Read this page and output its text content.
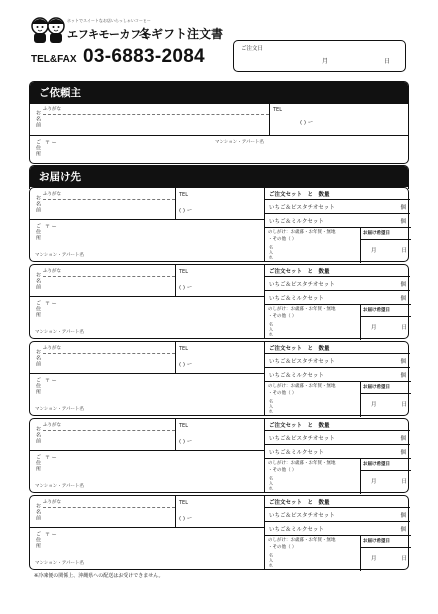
ホットでスイートなお店いらっしゃいコーヒー
エフキモーカフェ
冬ギフト注文書
TEL&FAX 03-6883-2084	ご注文日
月	日
ご依頼主
ふりがな
お名前	TEL
( ) ー
ご住所 〒 ー	マンション・アパート名
お届け先
ふりがな
お名前	TEL
( ) ー
ご住所 〒 ー
マンション・アパート名
ご注文セット　と　数量
いちご＆ピスタチオセット	個
いちご＆ミルクセット	個
のしがけ：お歳暮・お年賀・無地
・その他（ ）
名入れ
お届け希望日
月	日
ふりがな
お名前	TEL
( ) ー
ご住所 〒 ー
マンション・アパート名
ご注文セット　と　数量
いちご＆ピスタチオセット	個
いちご＆ミルクセット	個
のしがけ：お歳暮・お年賀・無地
・その他（ ）
名入れ
お届け希望日
月	日
ふりがな
お名前	TEL
( ) ー
ご住所 〒 ー
マンション・アパート名
ご注文セット　と　数量
いちご＆ピスタチオセット	個
いちご＆ミルクセット	個
のしがけ：お歳暮・お年賀・無地
・その他（ ）
名入れ
お届け希望日
月	日
ふりがな
お名前	TEL
( ) ー
ご住所 〒 ー
マンション・アパート名
ご注文セット　と　数量
いちご＆ピスタチオセット	個
いちご＆ミルクセット	個
のしがけ：お歳暮・お年賀・無地
・その他（ ）
名入れ
お届け希望日
月	日
ふりがな
お名前	TEL
( ) ー
ご住所 〒 ー
マンション・アパート名
ご注文セット　と　数量
いちご＆ピスタチオセット	個
いちご＆ミルクセット	個
のしがけ：お歳暮・お年賀・無地
・その他（ ）
名入れ
お届け希望日
月	日
※冷凍便の関係上、沖縄県への配送はお受けできません。
